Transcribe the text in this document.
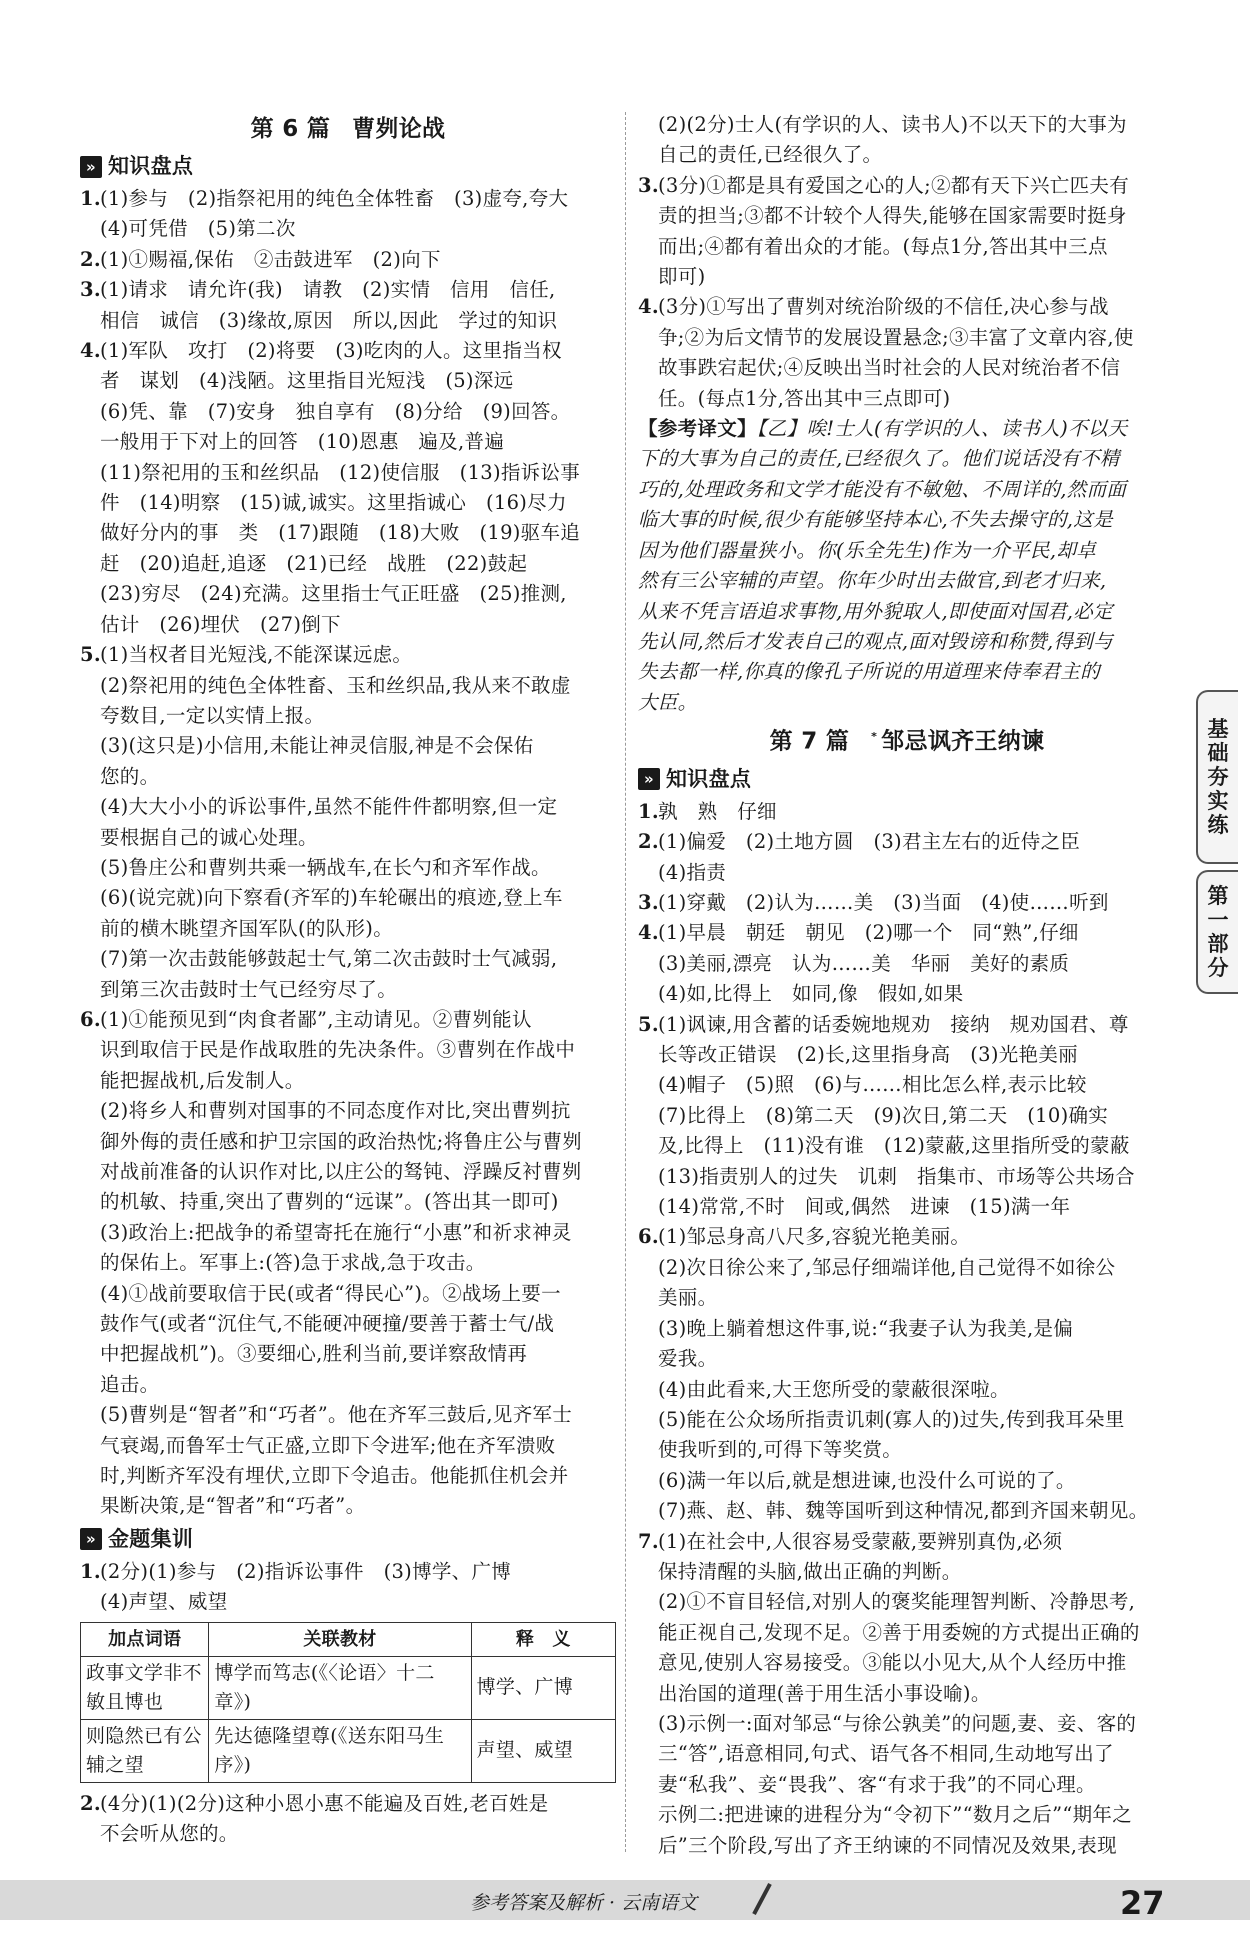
第 6 篇 曹刿论战
» 知识盘点
1. (1)参与　(2)指祭祀用的纯色全体牲畜　(3)虚夸,夸大
(4)可凭借　(5)第二次
2. (1)①赐福,保佑　②击鼓进军　(2)向下
3. (1)请求　请允许(我)　请教　(2)实情　信用　信任,
相信　诚信　(3)缘故,原因　所以,因此　学过的知识
4. (1)军队　攻打　(2)将要　(3)吃肉的人。这里指当权
者　谋划　(4)浅陋。这里指目光短浅　(5)深远
(6)凭、靠　(7)安身　独自享有　(8)分给　(9)回答。
一般用于下对上的回答　(10)恩惠　遍及,普遍
(11)祭祀用的玉和丝织品　(12)使信服　(13)指诉讼事
件　(14)明察　(15)诚,诚实。这里指诚心　(16)尽力
做好分内的事　类　(17)跟随　(18)大败　(19)驱车追
赶　(20)追赶,追逐　(21)已经　战胜　(22)鼓起
(23)穷尽　(24)充满。这里指士气正旺盛　(25)推测,
估计　(26)埋伏　(27)倒下
5. (1)当权者目光短浅,不能深谋远虑。
(2)祭祀用的纯色全体牲畜、玉和丝织品,我从来不敢虚
夸数目,一定以实情上报。
(3)(这只是)小信用,未能让神灵信服,神是不会保佑
您的。
(4)大大小小的诉讼事件,虽然不能件件都明察,但一定
要根据自己的诚心处理。
(5)鲁庄公和曹刿共乘一辆战车,在长勺和齐军作战。
(6)(说完就)向下察看(齐军的)车轮碾出的痕迹,登上车
前的横木眺望齐国军队(的队形)。
(7)第一次击鼓能够鼓起士气,第二次击鼓时士气减弱,
到第三次击鼓时士气已经穷尽了。
6. (1)①能预见到“肉食者鄙”,主动请见。②曹刿能认
识到取信于民是作战取胜的先决条件。③曹刿在作战中
能把握战机,后发制人。
(2)将乡人和曹刿对国事的不同态度作对比,突出曹刿抗
御外侮的责任感和护卫宗国的政治热忱;将鲁庄公与曹刿
对战前准备的认识作对比,以庄公的驽钝、浮躁反衬曹刿
的机敏、持重,突出了曹刿的“远谋”。(答出其一即可)
(3)政治上:把战争的希望寄托在施行“小惠”和祈求神灵
的保佑上。军事上:(答)急于求战,急于攻击。
(4)①战前要取信于民(或者“得民心”)。②战场上要一
鼓作气(或者“沉住气,不能硬冲硬撞/要善于蓄士气/战
中把握战机”)。③要细心,胜利当前,要详察敌情再
追击。
(5)曹刿是“智者”和“巧者”。他在齐军三鼓后,见齐军士
气衰竭,而鲁军士气正盛,立即下令进军;他在齐军溃败
时,判断齐军没有埋伏,立即下令追击。他能抓住机会并
果断决策,是“智者”和“巧者”。
» 金题集训
1. (2分)(1)参与　(2)指诉讼事件　(3)博学、广博
(4)声望、威望
加点词语	关联教材	释　义
政事文学非不敏且博也	博学而笃志(《〈论语〉十二章》)	博学、广博
则隐然已有公辅之望	先达德隆望尊(《送东阳马生序》)	声望、威望
2. (4分)(1)(2分)这种小恩小惠不能遍及百姓,老百姓是
不会听从您的。
(2)(2分)士人(有学识的人、读书人)不以天下的大事为
自己的责任,已经很久了。
3. (3分)①都是具有爱国之心的人;②都有天下兴亡匹夫有
责的担当;③都不计较个人得失,能够在国家需要时挺身
而出;④都有着出众的才能。(每点1分,答出其中三点
即可)
4. (3分)①写出了曹刿对统治阶级的不信任,决心参与战
争;②为后文情节的发展设置悬念;③丰富了文章内容,使
故事跌宕起伏;④反映出当时社会的人民对统治者不信
任。(每点1分,答出其中三点即可)
【参考译文】【乙】唉!士人(有学识的人、读书人)不以天
下的大事为自己的责任,已经很久了。他们说话没有不精
巧的,处理政务和文学才能没有不敏勉、不周详的,然而面
临大事的时候,很少有能够坚持本心,不失去操守的,这是
因为他们器量狭小。你(乐全先生)作为一介平民,却卓
然有三公宰辅的声望。你年少时出去做官,到老才归来,
从来不凭言语追求事物,用外貌取人,即使面对国君,必定
先认同,然后才发表自己的观点,面对毁谤和称赞,得到与
失去都一样,你真的像孔子所说的用道理来侍奉君主的
大臣。
第 7 篇 * 邹忌讽齐王纳谏
» 知识盘点
1. 孰　熟　仔细
2. (1)偏爱　(2)土地方圆　(3)君主左右的近侍之臣
(4)指责
3. (1)穿戴　(2)认为……美　(3)当面　(4)使……听到
4. (1)早晨　朝廷　朝见　(2)哪一个　同“熟”,仔细
(3)美丽,漂亮　认为……美　华丽　美好的素质
(4)如,比得上　如同,像　假如,如果
5. (1)讽谏,用含蓄的话委婉地规劝　接纳　规劝国君、尊
长等改正错误　(2)长,这里指身高　(3)光艳美丽
(4)帽子　(5)照　(6)与……相比怎么样,表示比较
(7)比得上　(8)第二天　(9)次日,第二天　(10)确实
及,比得上　(11)没有谁　(12)蒙蔽,这里指所受的蒙蔽
(13)指责别人的过失　讥刺　指集市、市场等公共场合
(14)常常,不时　间或,偶然　进谏　(15)满一年
6. (1)邹忌身高八尺多,容貌光艳美丽。
(2)次日徐公来了,邹忌仔细端详他,自己觉得不如徐公
美丽。
(3)晚上躺着想这件事,说:“我妻子认为我美,是偏
爱我。
(4)由此看来,大王您所受的蒙蔽很深啦。
(5)能在公众场所指责讥刺(寡人的)过失,传到我耳朵里
使我听到的,可得下等奖赏。
(6)满一年以后,就是想进谏,也没什么可说的了。
(7)燕、赵、韩、魏等国听到这种情况,都到齐国来朝见。
7. (1)在社会中,人很容易受蒙蔽,要辨别真伪,必须
保持清醒的头脑,做出正确的判断。
(2)①不盲目轻信,对别人的褒奖能理智判断、冷静思考,
能正视自己,发现不足。②善于用委婉的方式提出正确的
意见,使别人容易接受。③能以小见大,从个人经历中推
出治国的道理(善于用生活小事设喻)。
(3)示例一:面对邹忌“与徐公孰美”的问题,妻、妾、客的
三“答”,语意相同,句式、语气各不相同,生动地写出了
妻“私我”、妾“畏我”、客“有求于我”的不同心理。
示例二:把进谏的进程分为“令初下”“数月之后”“期年之
后”三个阶段,写出了齐王纳谏的不同情况及效果,表现
基础夯实练
第一部分
参考答案及解析 · 云南语文	27
